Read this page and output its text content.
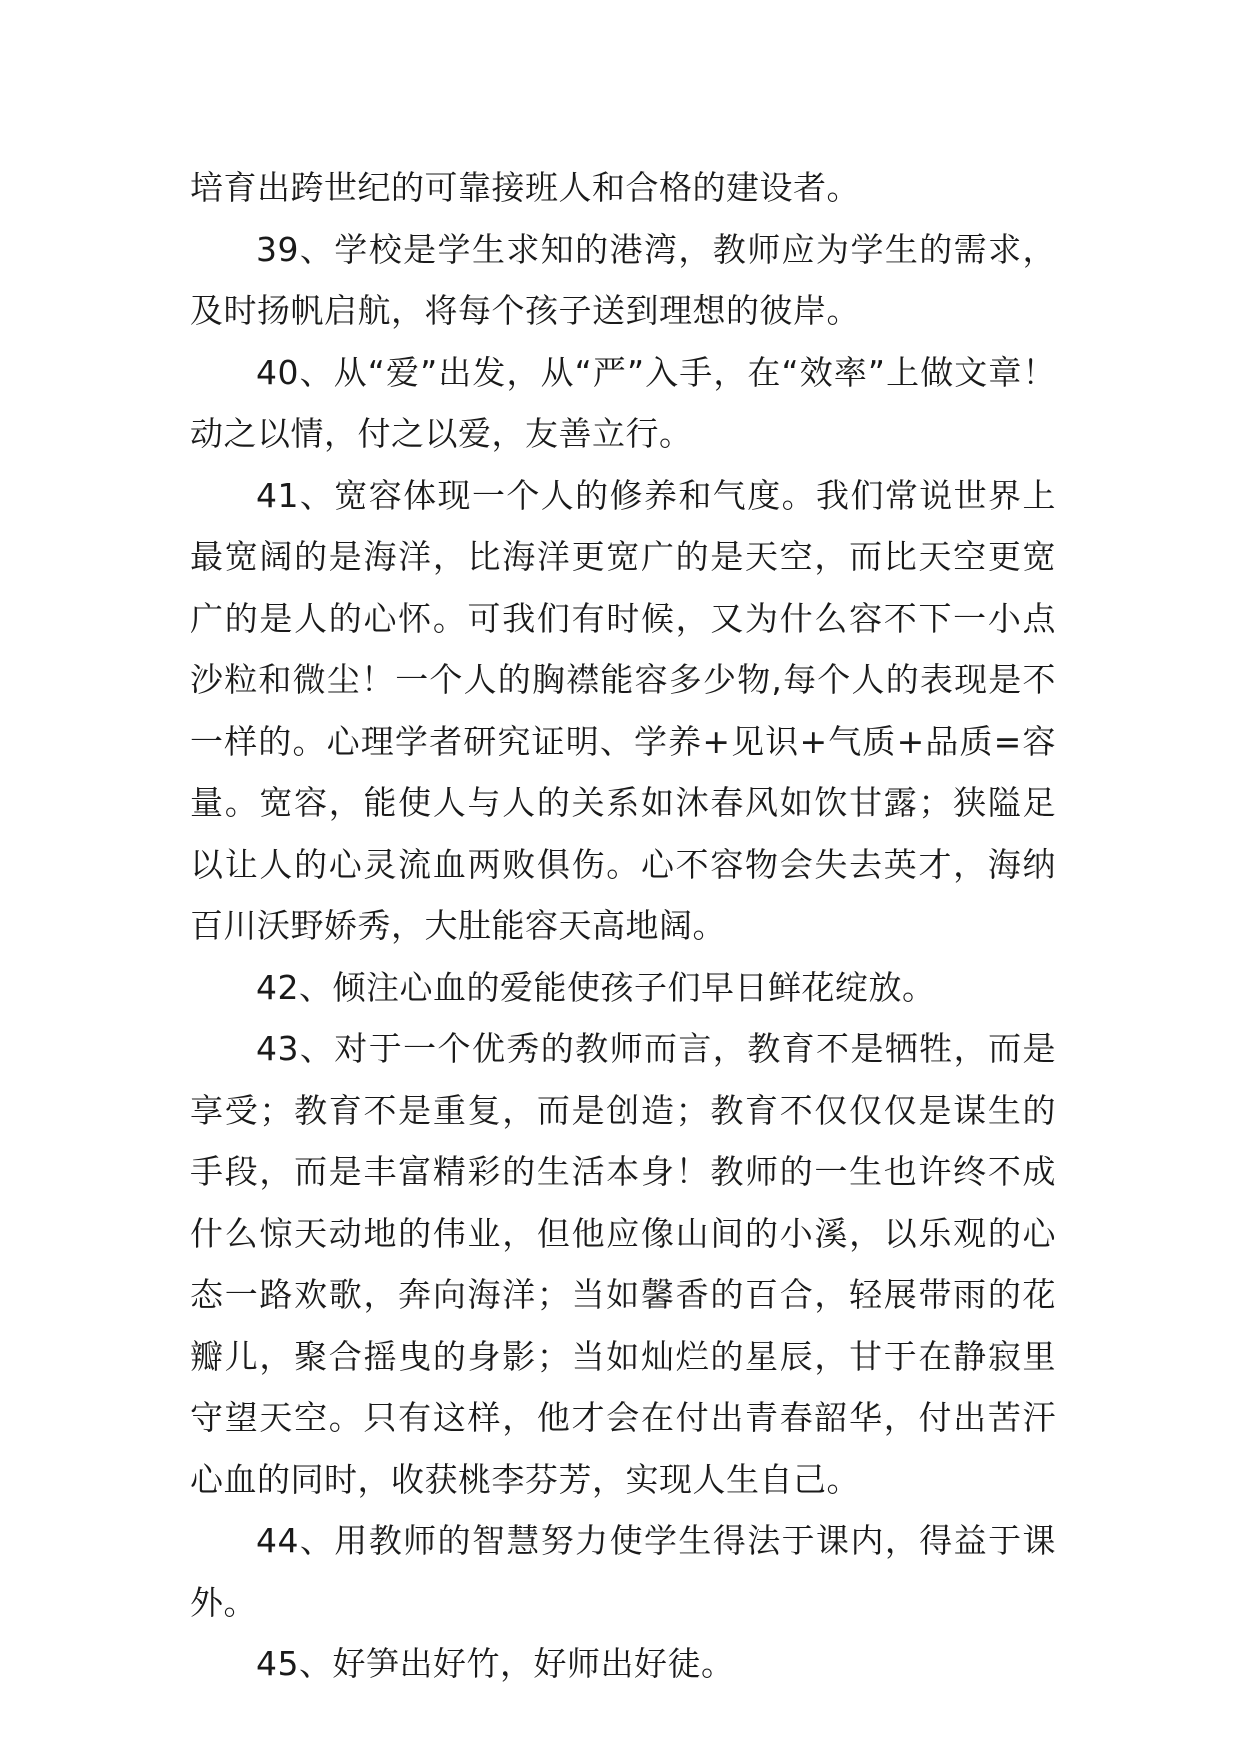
培育出跨世纪的可靠接班人和合格的建设者。

39、学校是学生求知的港湾，教师应为学生的需求，及时扬帆启航，将每个孩子送到理想的彼岸。

40、从“爱”出发，从“严”入手，在“效率”上做文章！动之以情，付之以爱，友善立行。

41、宽容体现一个人的修养和气度。我们常说世界上最宽阔的是海洋，比海洋更宽广的是天空，而比天空更宽广的是人的心怀。可我们有时候，又为什么容不下一小点沙粒和微尘！一个人的胸襟能容多少物,每个人的表现是不一样的。心理学者研究证明、学养+见识+气质+品质=容量。宽容，能使人与人的关系如沐春风如饮甘露；狭隘足以让人的心灵流血两败俱伤。心不容物会失去英才，海纳百川沃野娇秀，大肚能容天高地阔。

42、倾注心血的爱能使孩子们早日鲜花绽放。

43、对于一个优秀的教师而言，教育不是牺牲，而是享受；教育不是重复，而是创造；教育不仅仅仅是谋生的手段，而是丰富精彩的生活本身！教师的一生也许终不成什么惊天动地的伟业，但他应像山间的小溪，以乐观的心态一路欢歌，奔向海洋；当如馨香的百合，轻展带雨的花瓣儿，聚合摇曳的身影；当如灿烂的星辰，甘于在静寂里守望天空。只有这样，他才会在付出青春韶华，付出苦汗心血的同时，收获桃李芬芳，实现人生自己。

44、用教师的智慧努力使学生得法于课内，得益于课外。

45、好笋出好竹，好师出好徒。
